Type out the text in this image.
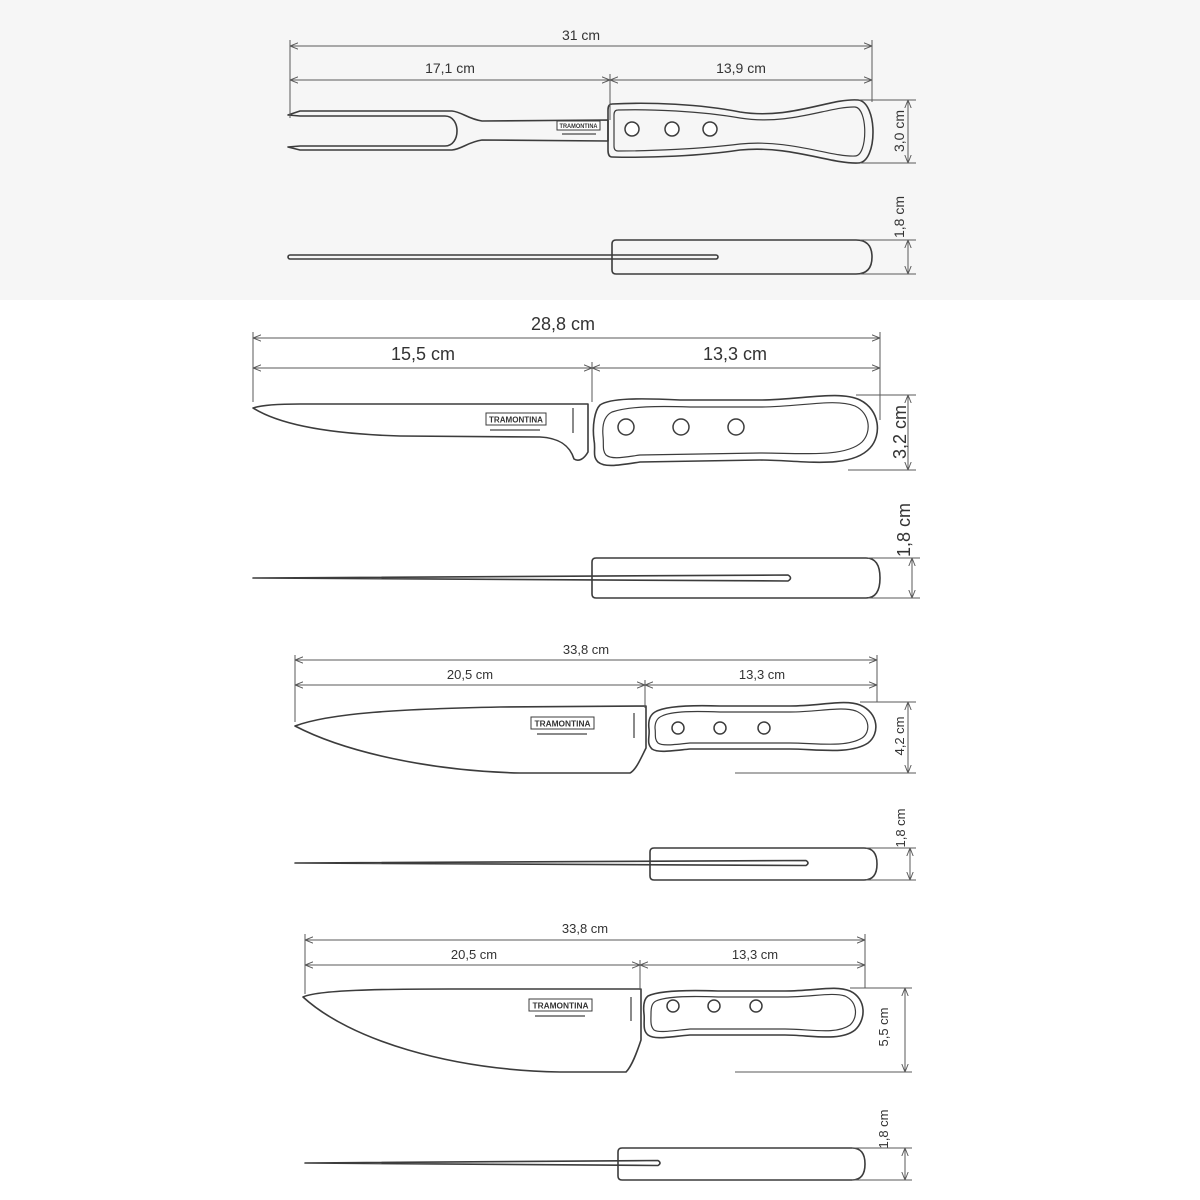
TRAMONTINA
31 cm
17,1 cm	13,9 cm
3,0 cm
1,8 cm
TRAMONTINA
28,8 cm
15,5 cm	13,3 cm
3,2 cm
1,8 cm
TRAMONTINA
33,8 cm
20,5 cm	13,3 cm
4,2 cm
1,8 cm
TRAMONTINA
33,8 cm
20,5 cm	13,3 cm
5,5 cm
1,8 cm
